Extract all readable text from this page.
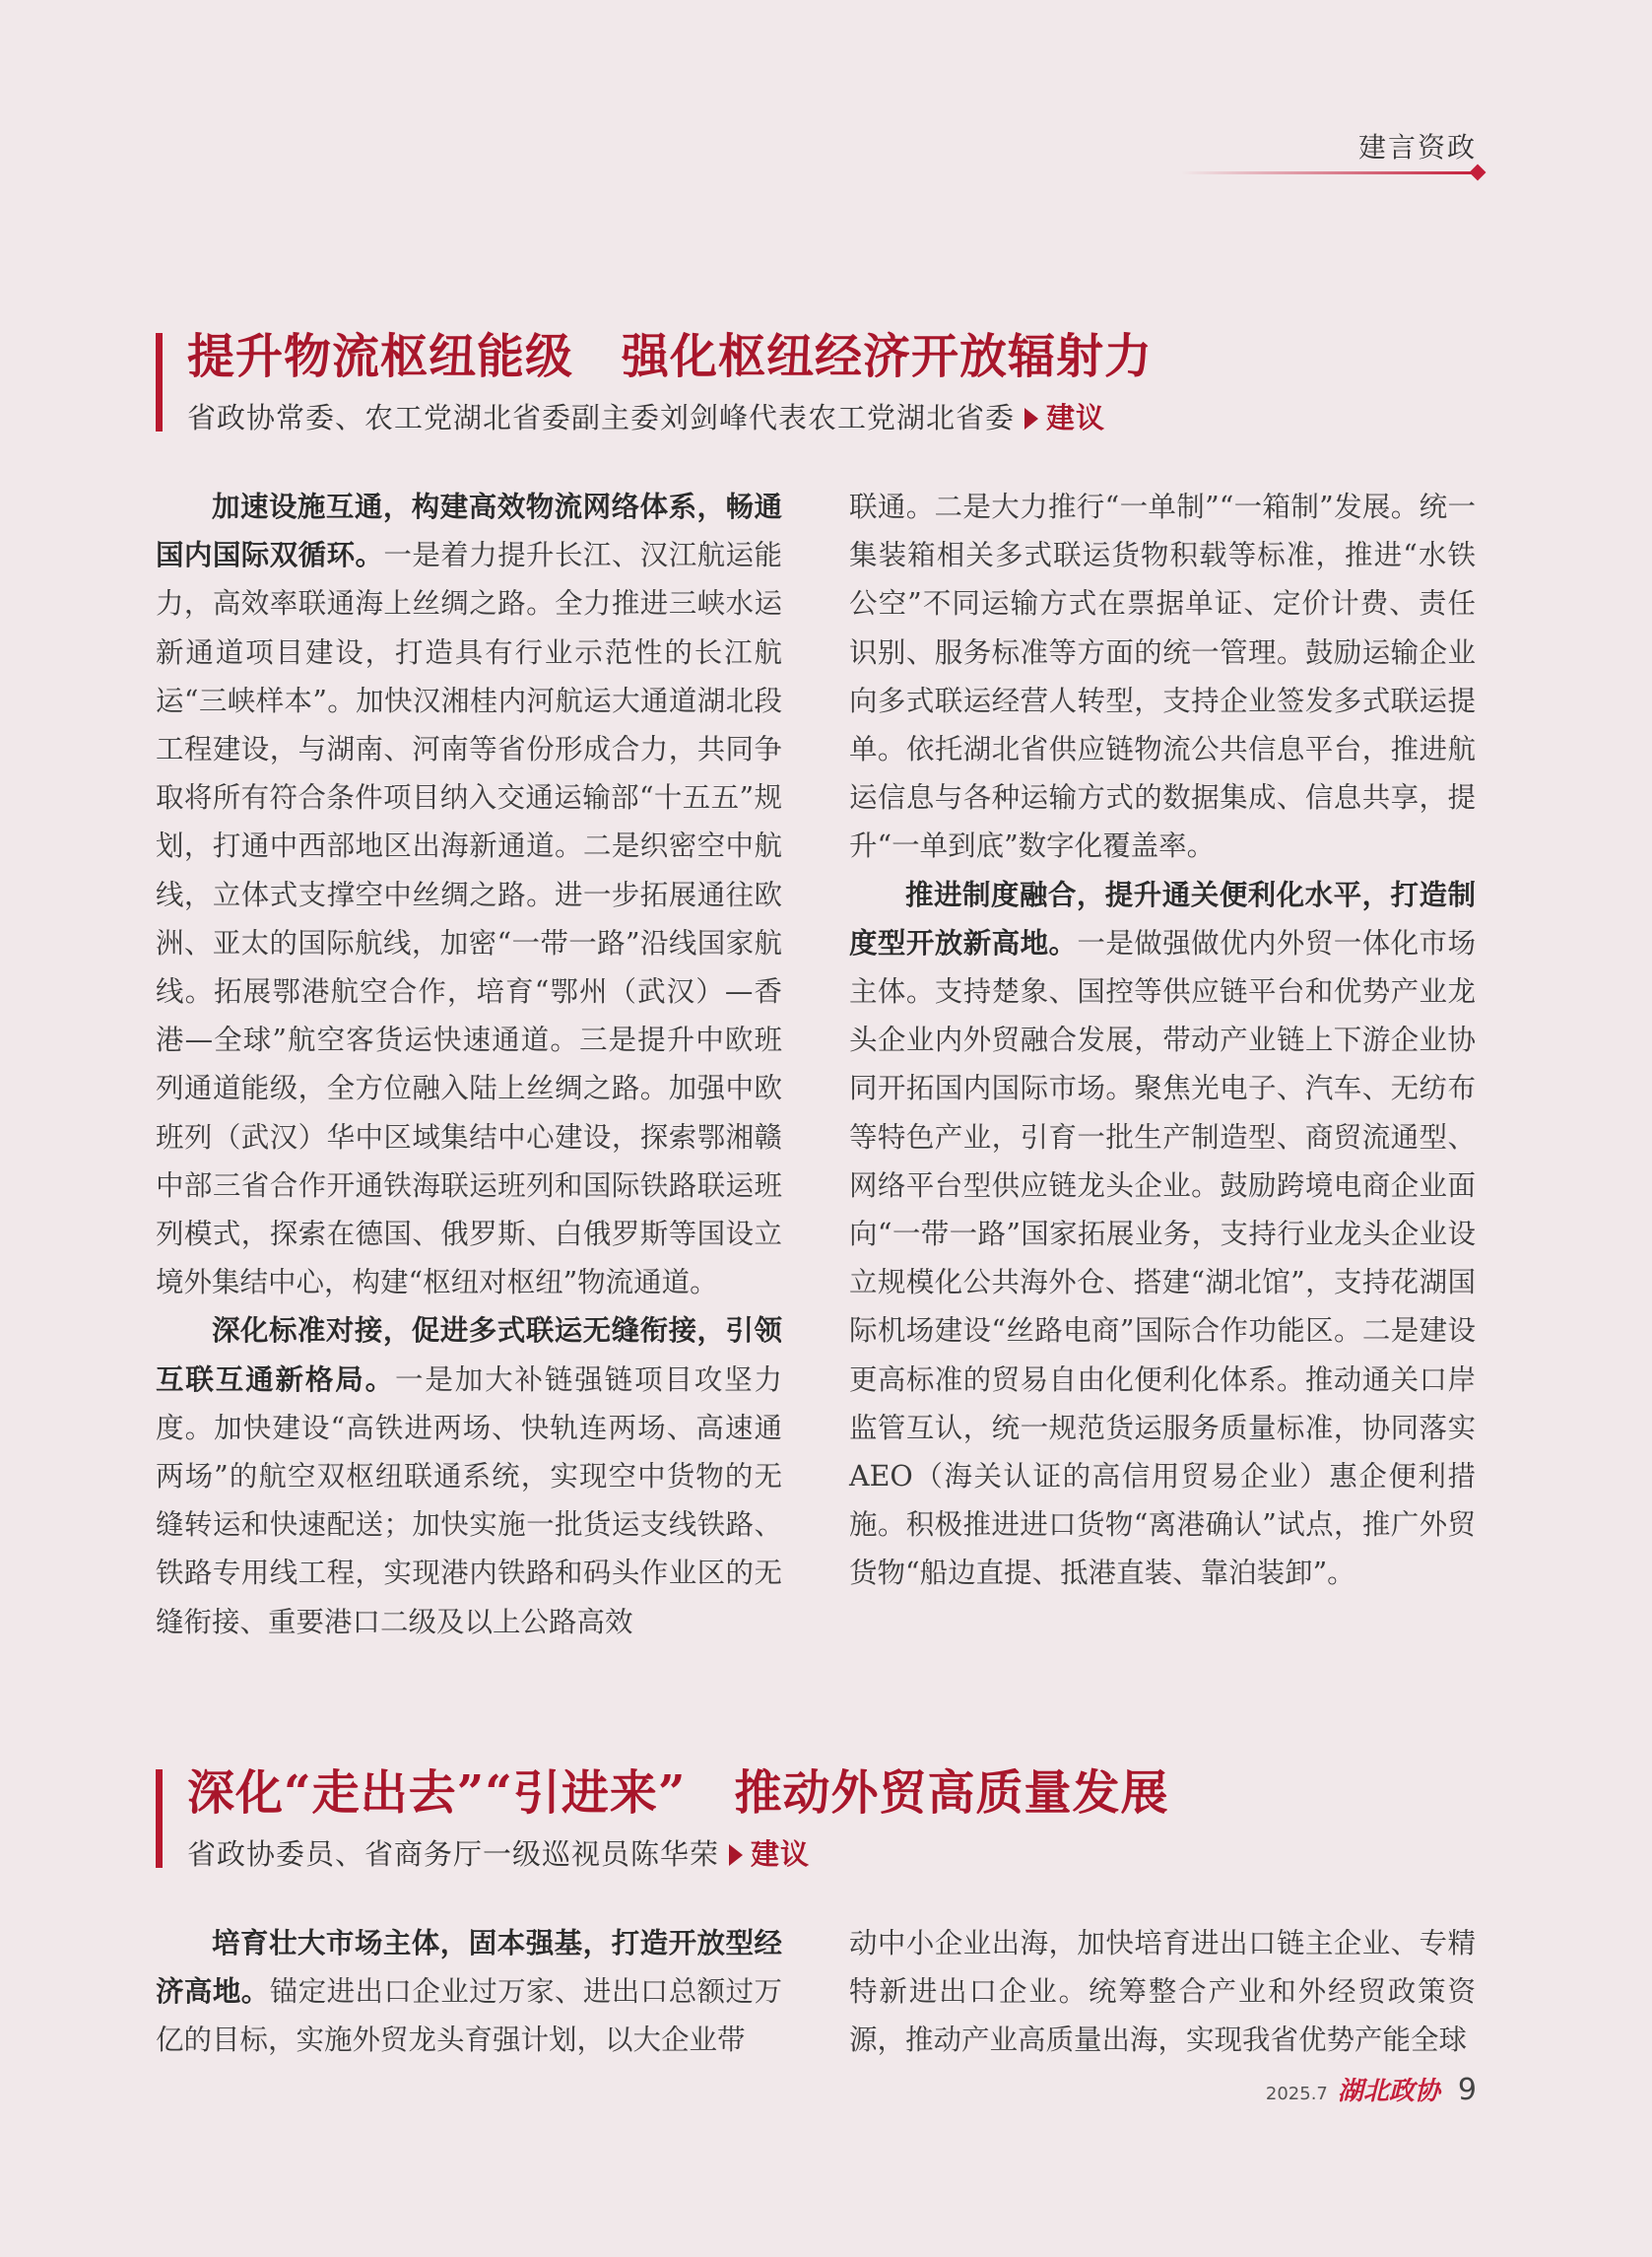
建言资政
提升物流枢纽能级　强化枢纽经济开放辐射力
省政协常委、农工党湖北省委副主委刘剑峰代表农工党湖北省委 建议

加速设施互通，构建高效物流网络体系，畅通国内国际双循环。一是着力提升长江、汉江航运能力，高效率联通海上丝绸之路。全力推进三峡水运新通道项目建设，打造具有行业示范性的长江航运“三峡样本”。加快汉湘桂内河航运大通道湖北段工程建设，与湖南、河南等省份形成合力，共同争取将所有符合条件项目纳入交通运输部“十五五”规划，打通中西部地区出海新通道。二是织密空中航线，立体式支撑空中丝绸之路。进一步拓展通往欧洲、亚太的国际航线，加密“一带一路”沿线国家航线。拓展鄂港航空合作，培育“鄂州（武汉）—香港—全球”航空客货运快速通道。三是提升中欧班列通道能级，全方位融入陆上丝绸之路。加强中欧班列（武汉）华中区域集结中心建设，探索鄂湘赣中部三省合作开通铁海联运班列和国际铁路联运班列模式，探索在德国、俄罗斯、白俄罗斯等国设立境外集结中心，构建“枢纽对枢纽”物流通道。

深化标准对接，促进多式联运无缝衔接，引领互联互通新格局。一是加大补链强链项目攻坚力度。加快建设“高铁进两场、快轨连两场、高速通两场”的航空双枢纽联通系统，实现空中货物的无缝转运和快速配送；加快实施一批货运支线铁路、铁路专用线工程，实现港内铁路和码头作业区的无缝衔接、重要港口二级及以上公路高效

联通。二是大力推行“一单制”“一箱制”发展。统一集装箱相关多式联运货物积载等标准，推进“水铁公空”不同运输方式在票据单证、定价计费、责任识别、服务标准等方面的统一管理。鼓励运输企业向多式联运经营人转型，支持企业签发多式联运提单。依托湖北省供应链物流公共信息平台，推进航运信息与各种运输方式的数据集成、信息共享，提升“一单到底”数字化覆盖率。

推进制度融合，提升通关便利化水平，打造制度型开放新高地。一是做强做优内外贸一体化市场主体。支持楚象、国控等供应链平台和优势产业龙头企业内外贸融合发展，带动产业链上下游企业协同开拓国内国际市场。聚焦光电子、汽车、无纺布等特色产业，引育一批生产制造型、商贸流通型、网络平台型供应链龙头企业。鼓励跨境电商企业面向“一带一路”国家拓展业务，支持行业龙头企业设立规模化公共海外仓、搭建“湖北馆”，支持花湖国际机场建设“丝路电商”国际合作功能区。二是建设更高标准的贸易自由化便利化体系。推动通关口岸监管互认，统一规范货运服务质量标准，协同落实AEO（海关认证的高信用贸易企业）惠企便利措施。积极推进进口货物“离港确认”试点，推广外贸货物“船边直提、抵港直装、靠泊装卸”。

深化“走出去”“引进来”　推动外贸高质量发展
省政协委员、省商务厅一级巡视员陈华荣 建议

培育壮大市场主体，固本强基，打造开放型经济高地。锚定进出口企业过万家、进出口总额过万亿的目标，实施外贸龙头育强计划，以大企业带

动中小企业出海，加快培育进出口链主企业、专精特新进出口企业。统筹整合产业和外经贸政策资源，推动产业高质量出海，实现我省优势产能全球

2025.7 湖北政协 9
